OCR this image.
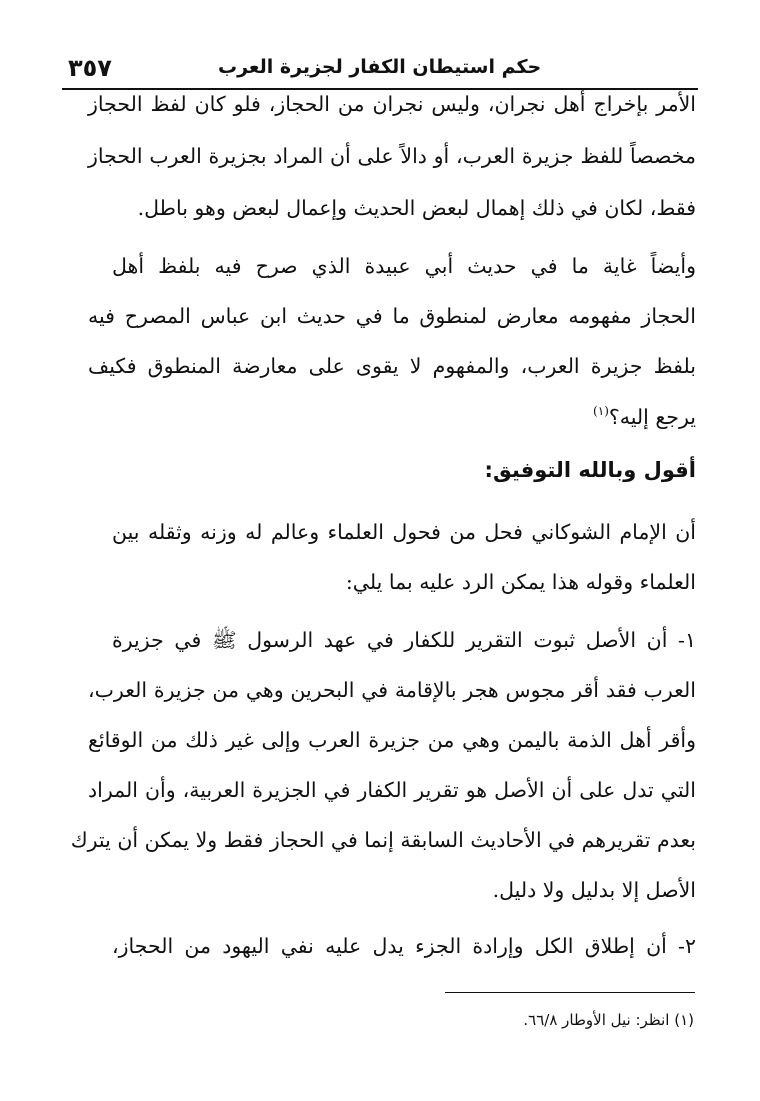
حكم استيطان الكفار لجزيرة العرب
٣٥٧
الأمر بإخراج أهل نجران، وليس نجران من الحجاز، فلو كان لفظ الحجاز
مخصصاً للفظ جزيرة العرب، أو دالاً على أن المراد بجزيرة العرب الحجاز
فقط، لكان في ذلك إهمال لبعض الحديث وإعمال لبعض وهو باطل.
وأيضاً غاية ما في حديث أبي عبيدة الذي صرح فيه بلفظ أهل
الحجاز مفهومه معارض لمنطوق ما في حديث ابن عباس المصرح فيه
بلفظ جزيرة العرب، والمفهوم لا يقوى على معارضة المنطوق فكيف
يرجع إليه؟$^{(١)}$
أقول وبالله التوفيق:
أن الإمام الشوكاني فحل من فحول العلماء وعالم له وزنه وثقله بين
العلماء وقوله هذا يمكن الرد عليه بما يلي:
١- أن الأصل ثبوت التقرير للكفار في عهد الرسول ﷺ في جزيرة
العرب فقد أقر مجوس هجر بالإقامة في البحرين وهي من جزيرة العرب،
وأقر أهل الذمة باليمن وهي من جزيرة العرب وإلى غير ذلك من الوقائع
التي تدل على أن الأصل هو تقرير الكفار في الجزيرة العربية، وأن المراد
بعدم تقريرهم في الأحاديث السابقة إنما في الحجاز فقط ولا يمكن أن يترك
الأصل إلا بدليل ولا دليل.
٢- أن إطلاق الكل وإرادة الجزء يدل عليه نفي اليهود من الحجاز،
(١) انظر: نيل الأوطار ٦٦/٨.
